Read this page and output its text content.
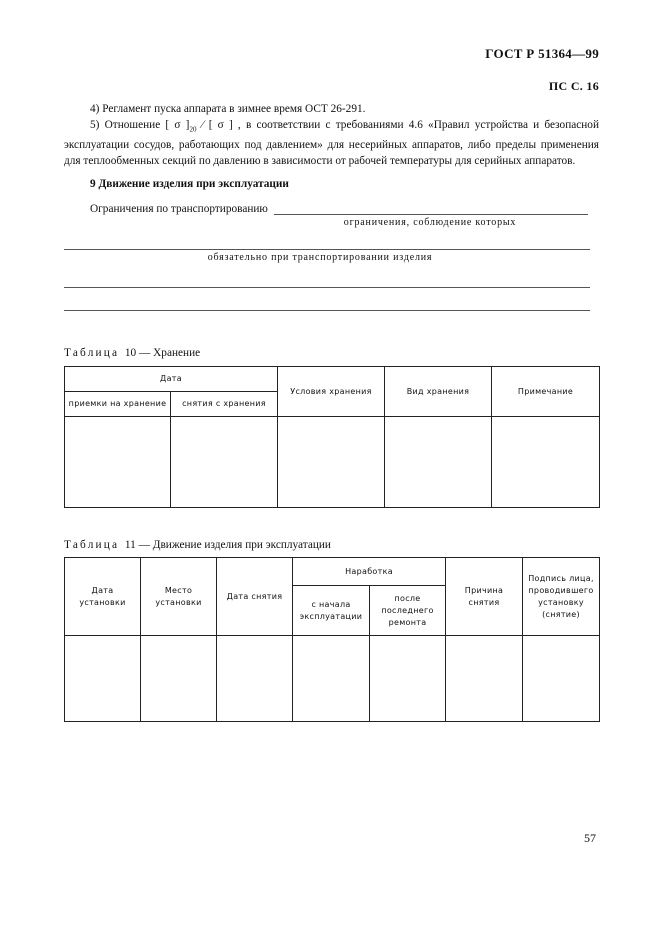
ГОСТ Р 51364—99
ПС С. 16

4) Регламент пуска аппарата в зимнее время ОСТ 26-291.

5) Отношение [ σ ]$_{20}$ ⁄ [ σ ] , в соответствии с требованиями 4.6 «Правил устройства и безопасной эксплуатации сосудов, работающих под давлением» для несерийных аппаратов, либо пределы применения для теплообменных секций по давлению в зависимости от рабочей температуры для серийных аппаратов.

9 Движение изделия при эксплуатации
Ограничения по транспортированию
ограничения, соблюдение которых
обязательно при транспортировании изделия
Таблица 10 — Хранение
Дата		Условия хранения	Вид хранения	Примечание
приемки на хранение	снятия с хранения			

Таблица 11 — Движение изделия при эксплуатации
Дата установки	Место установки	Дата снятия	Наработка		Причина снятия	Подпись лица, проводившего установку (снятие)
			с начала эксплуатации	после последнего ремонта		

57
